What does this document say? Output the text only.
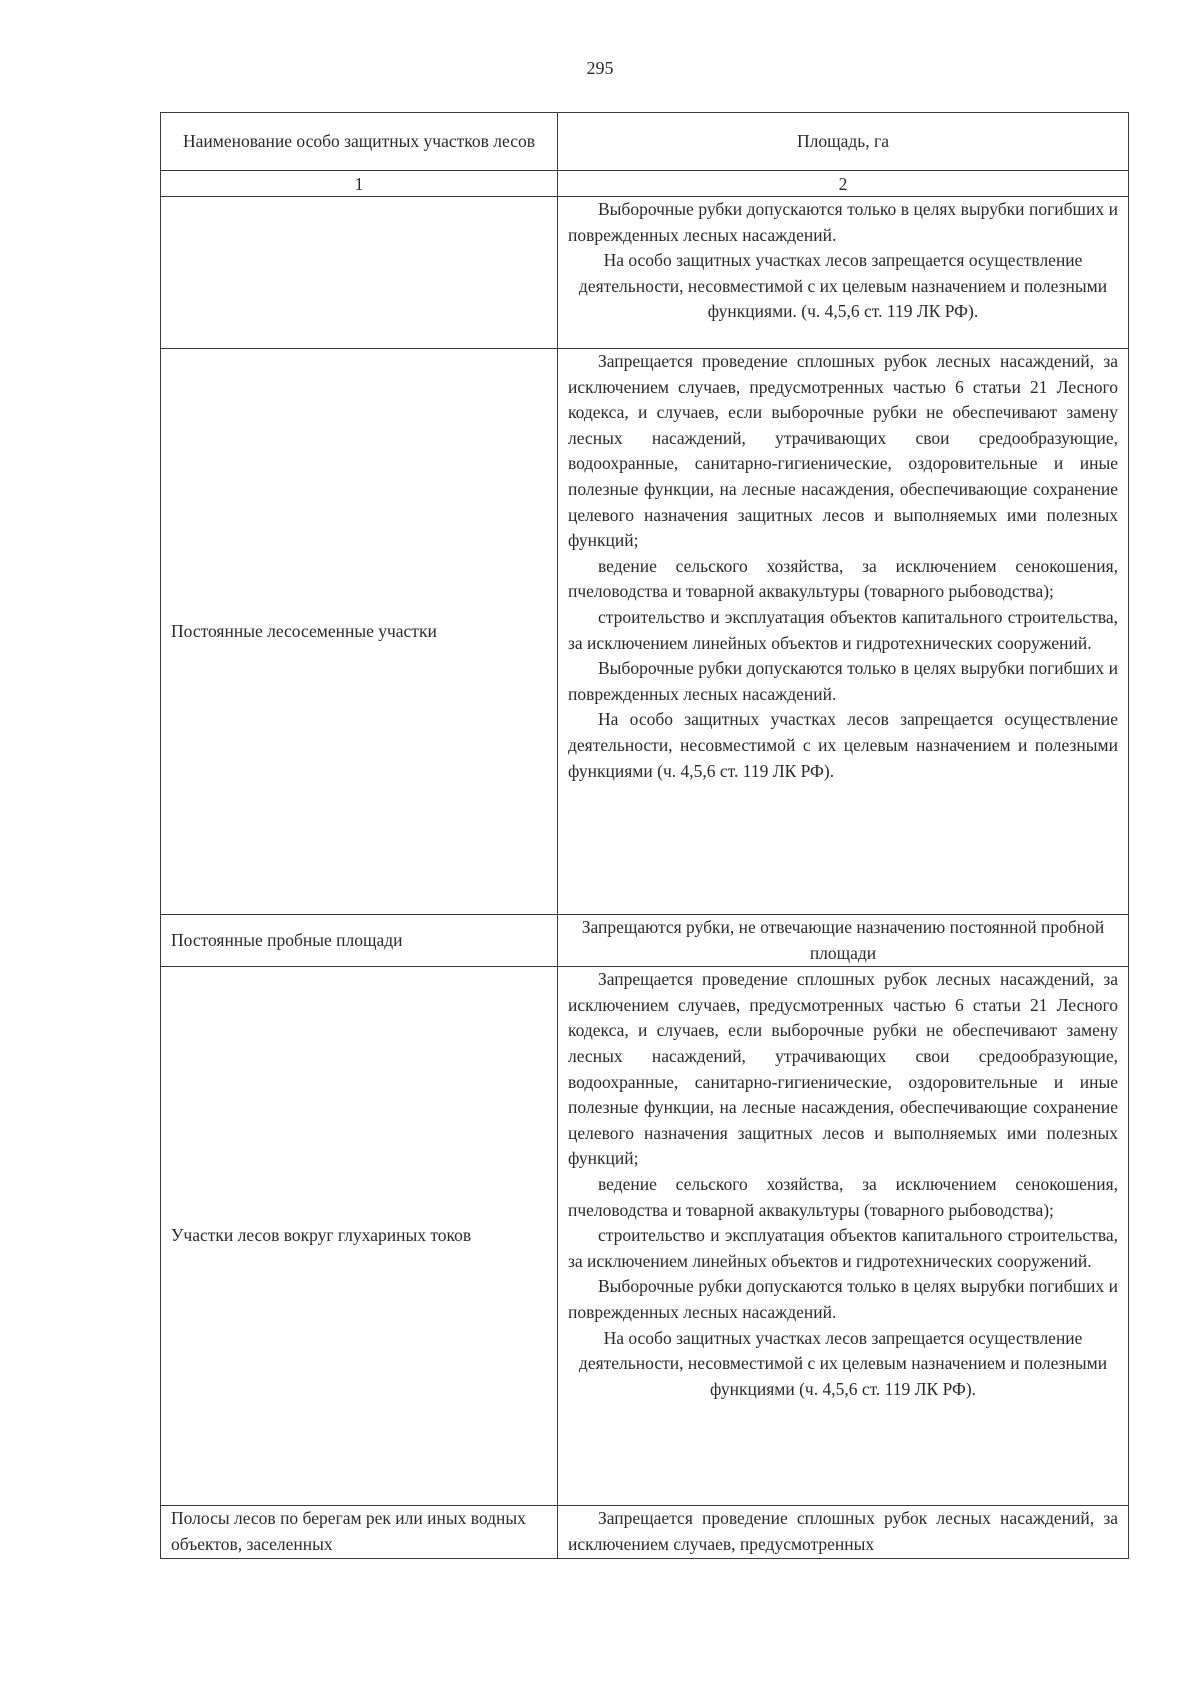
295
Наименование особо защитных участков лесов	Площадь, га
1	2

	Выборочные рубки допускаются только в целях вырубки погибших и поврежденных лесных насаждений.

На особо защитных участках лесов запрещается осуществление деятельности, несовместимой с их целевым назначением и полезными функциями. (ч. 4,5,6 ст. 119 ЛК РФ).

Постоянные лесосеменные участки	Запрещается проведение сплошных рубок лесных насаждений, за исключением случаев, предусмотренных частью 6 статьи 21 Лесного кодекса, и случаев, если выборочные рубки не обеспечивают замену лесных насаждений, утрачивающих свои средообразующие, водоохранные, санитарно-гигиенические, оздоровительные и иные полезные функции, на лесные насаждения, обеспечивающие сохранение целевого назначения защитных лесов и выполняемых ими полезных функций;

ведение сельского хозяйства, за исключением сенокошения, пчеловодства и товарной аквакультуры (товарного рыбоводства);

строительство и эксплуатация объектов капитального строительства, за исключением линейных объектов и гидротехнических сооружений.

Выборочные рубки допускаются только в целях вырубки погибших и поврежденных лесных насаждений.

На особо защитных участках лесов запрещается осуществление деятельности, несовместимой с их целевым назначением и полезными функциями (ч. 4,5,6 ст. 119 ЛК РФ).

Постоянные пробные площади	Запрещаются рубки, не отвечающие назначению постоянной пробной площади

Участки лесов вокруг глухариных токов	Запрещается проведение сплошных рубок лесных насаждений, за исключением случаев, предусмотренных частью 6 статьи 21 Лесного кодекса, и случаев, если выборочные рубки не обеспечивают замену лесных насаждений, утрачивающих свои средообразующие, водоохранные, санитарно-гигиенические, оздоровительные и иные полезные функции, на лесные насаждения, обеспечивающие сохранение целевого назначения защитных лесов и выполняемых ими полезных функций;

ведение сельского хозяйства, за исключением сенокошения, пчеловодства и товарной аквакультуры (товарного рыбоводства);

строительство и эксплуатация объектов капитального строительства, за исключением линейных объектов и гидротехнических сооружений.

Выборочные рубки допускаются только в целях вырубки погибших и поврежденных лесных насаждений.

На особо защитных участках лесов запрещается осуществление деятельности, несовместимой с их целевым назначением и полезными функциями (ч. 4,5,6 ст. 119 ЛК РФ).

Полосы лесов по берегам рек или иных водных объектов, заселенных	Запрещается проведение сплошных рубок лесных насаждений, за исключением случаев, предусмотренных
